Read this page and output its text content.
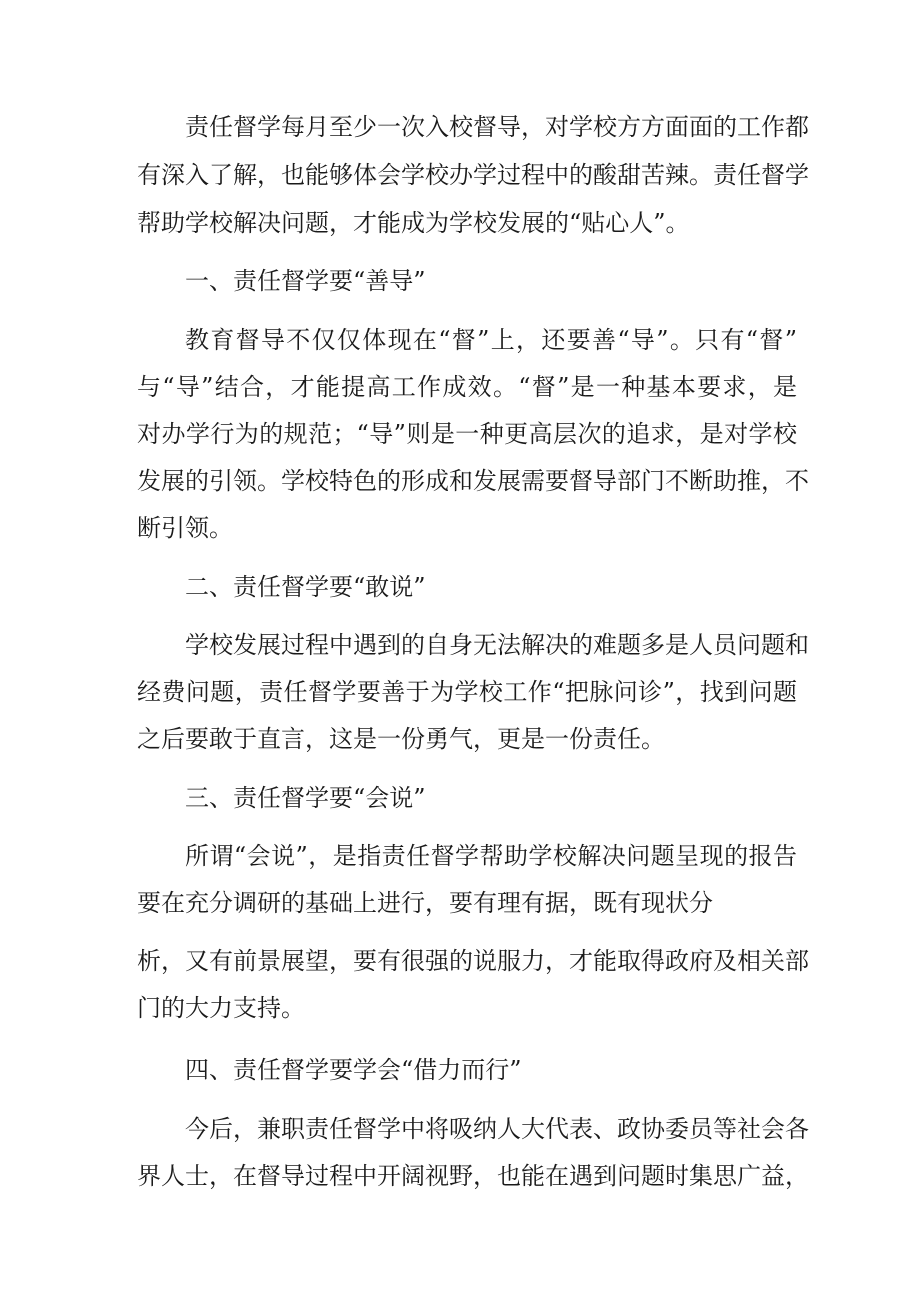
责任督学每月至少一次入校督导，对学校方方面面的工作都
有深入了解，也能够体会学校办学过程中的酸甜苦辣。责任督学
帮助学校解决问题，才能成为学校发展的“贴心人”。
一、责任督学要“善导”
教育督导不仅仅体现在“督”上，还要善“导”。只有“督”
与“导”结合，才能提高工作成效。“督”是一种基本要求，是
对办学行为的规范；“导”则是一种更高层次的追求，是对学校
发展的引领。学校特色的形成和发展需要督导部门不断助推，不
断引领。
二、责任督学要“敢说”
学校发展过程中遇到的自身无法解决的难题多是人员问题和
经费问题，责任督学要善于为学校工作“把脉问诊”，找到问题
之后要敢于直言，这是一份勇气，更是一份责任。
三、责任督学要“会说”
所谓“会说”，是指责任督学帮助学校解决问题呈现的报告
要在充分调研的基础上进行，要有理有据，既有现状分
析，又有前景展望，要有很强的说服力，才能取得政府及相关部
门的大力支持。
四、责任督学要学会“借力而行”
今后，兼职责任督学中将吸纳人大代表、政协委员等社会各
界人士，在督导过程中开阔视野，也能在遇到问题时集思广益，
